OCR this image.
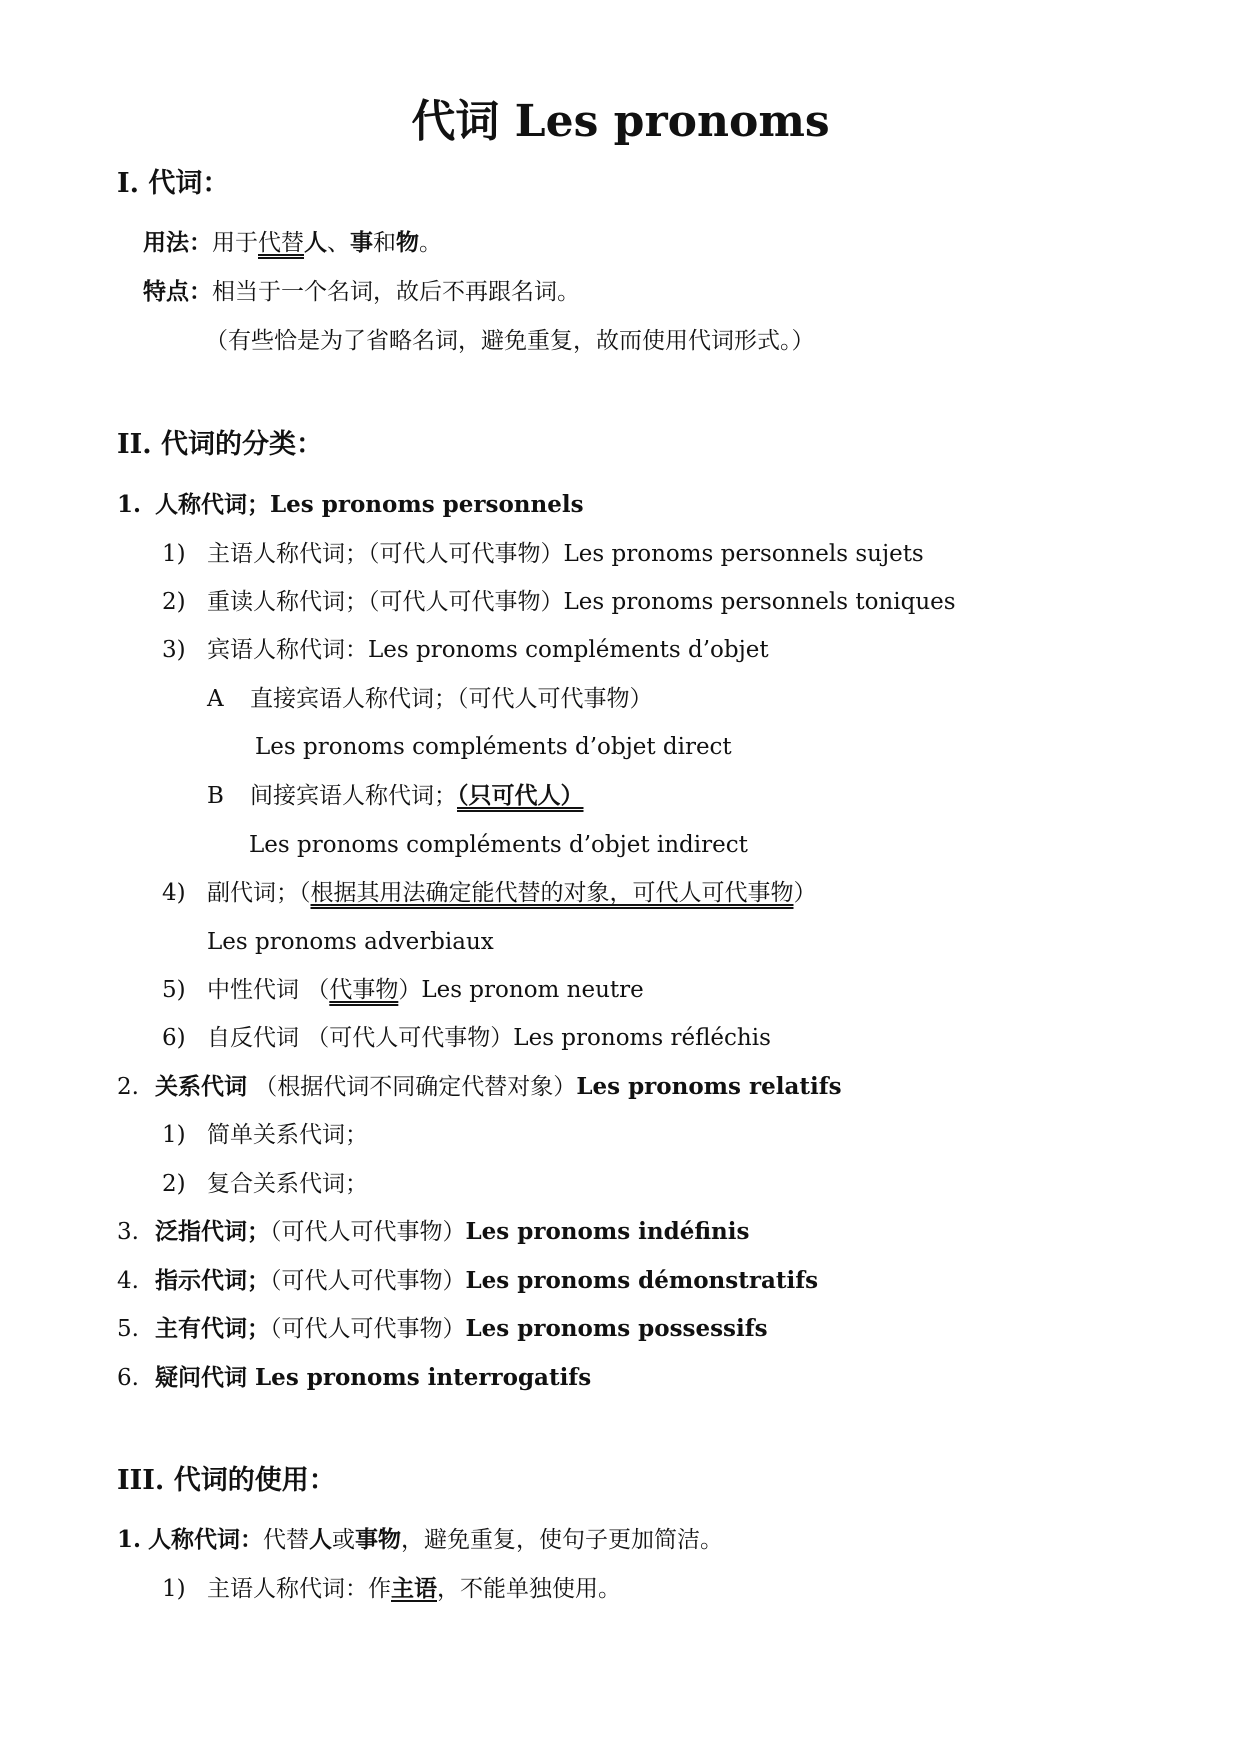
代词 Les pronoms
I. 代词：
用法：用于代替人、事和物。
特点：相当于一个名词，故后不再跟名词。
（有些恰是为了省略名词，避免重复，故而使用代词形式。）
II. 代词的分类：
1. 人称代词；Les pronoms personnels
1) 主语人称代词；（可代人可代事物）Les pronoms personnels sujets
2) 重读人称代词；（可代人可代事物）Les pronoms personnels toniques
3) 宾语人称代词：Les pronoms compléments d’objet
A 直接宾语人称代词；（可代人可代事物）
Les pronoms compléments d’objet direct
B 间接宾语人称代词；（只可代人）
Les pronoms compléments d’objet indirect
4) 副代词；（根据其用法确定能代替的对象，可代人可代事物）
Les pronoms adverbiaux
5) 中性代词 （代事物）Les pronom neutre
6) 自反代词 （可代人可代事物）Les pronoms réfléchis
2. 关系代词 （根据代词不同确定代替对象）Les pronoms relatifs
1) 简单关系代词；
2) 复合关系代词；
3. 泛指代词；（可代人可代事物）Les pronoms indéfinis
4. 指示代词；（可代人可代事物）Les pronoms démonstratifs
5. 主有代词；（可代人可代事物）Les pronoms possessifs
6. 疑问代词 Les pronoms interrogatifs
III. 代词的使用：
1. 人称代词：代替人或事物，避免重复，使句子更加简洁。
1) 主语人称代词：作主语，不能单独使用。
